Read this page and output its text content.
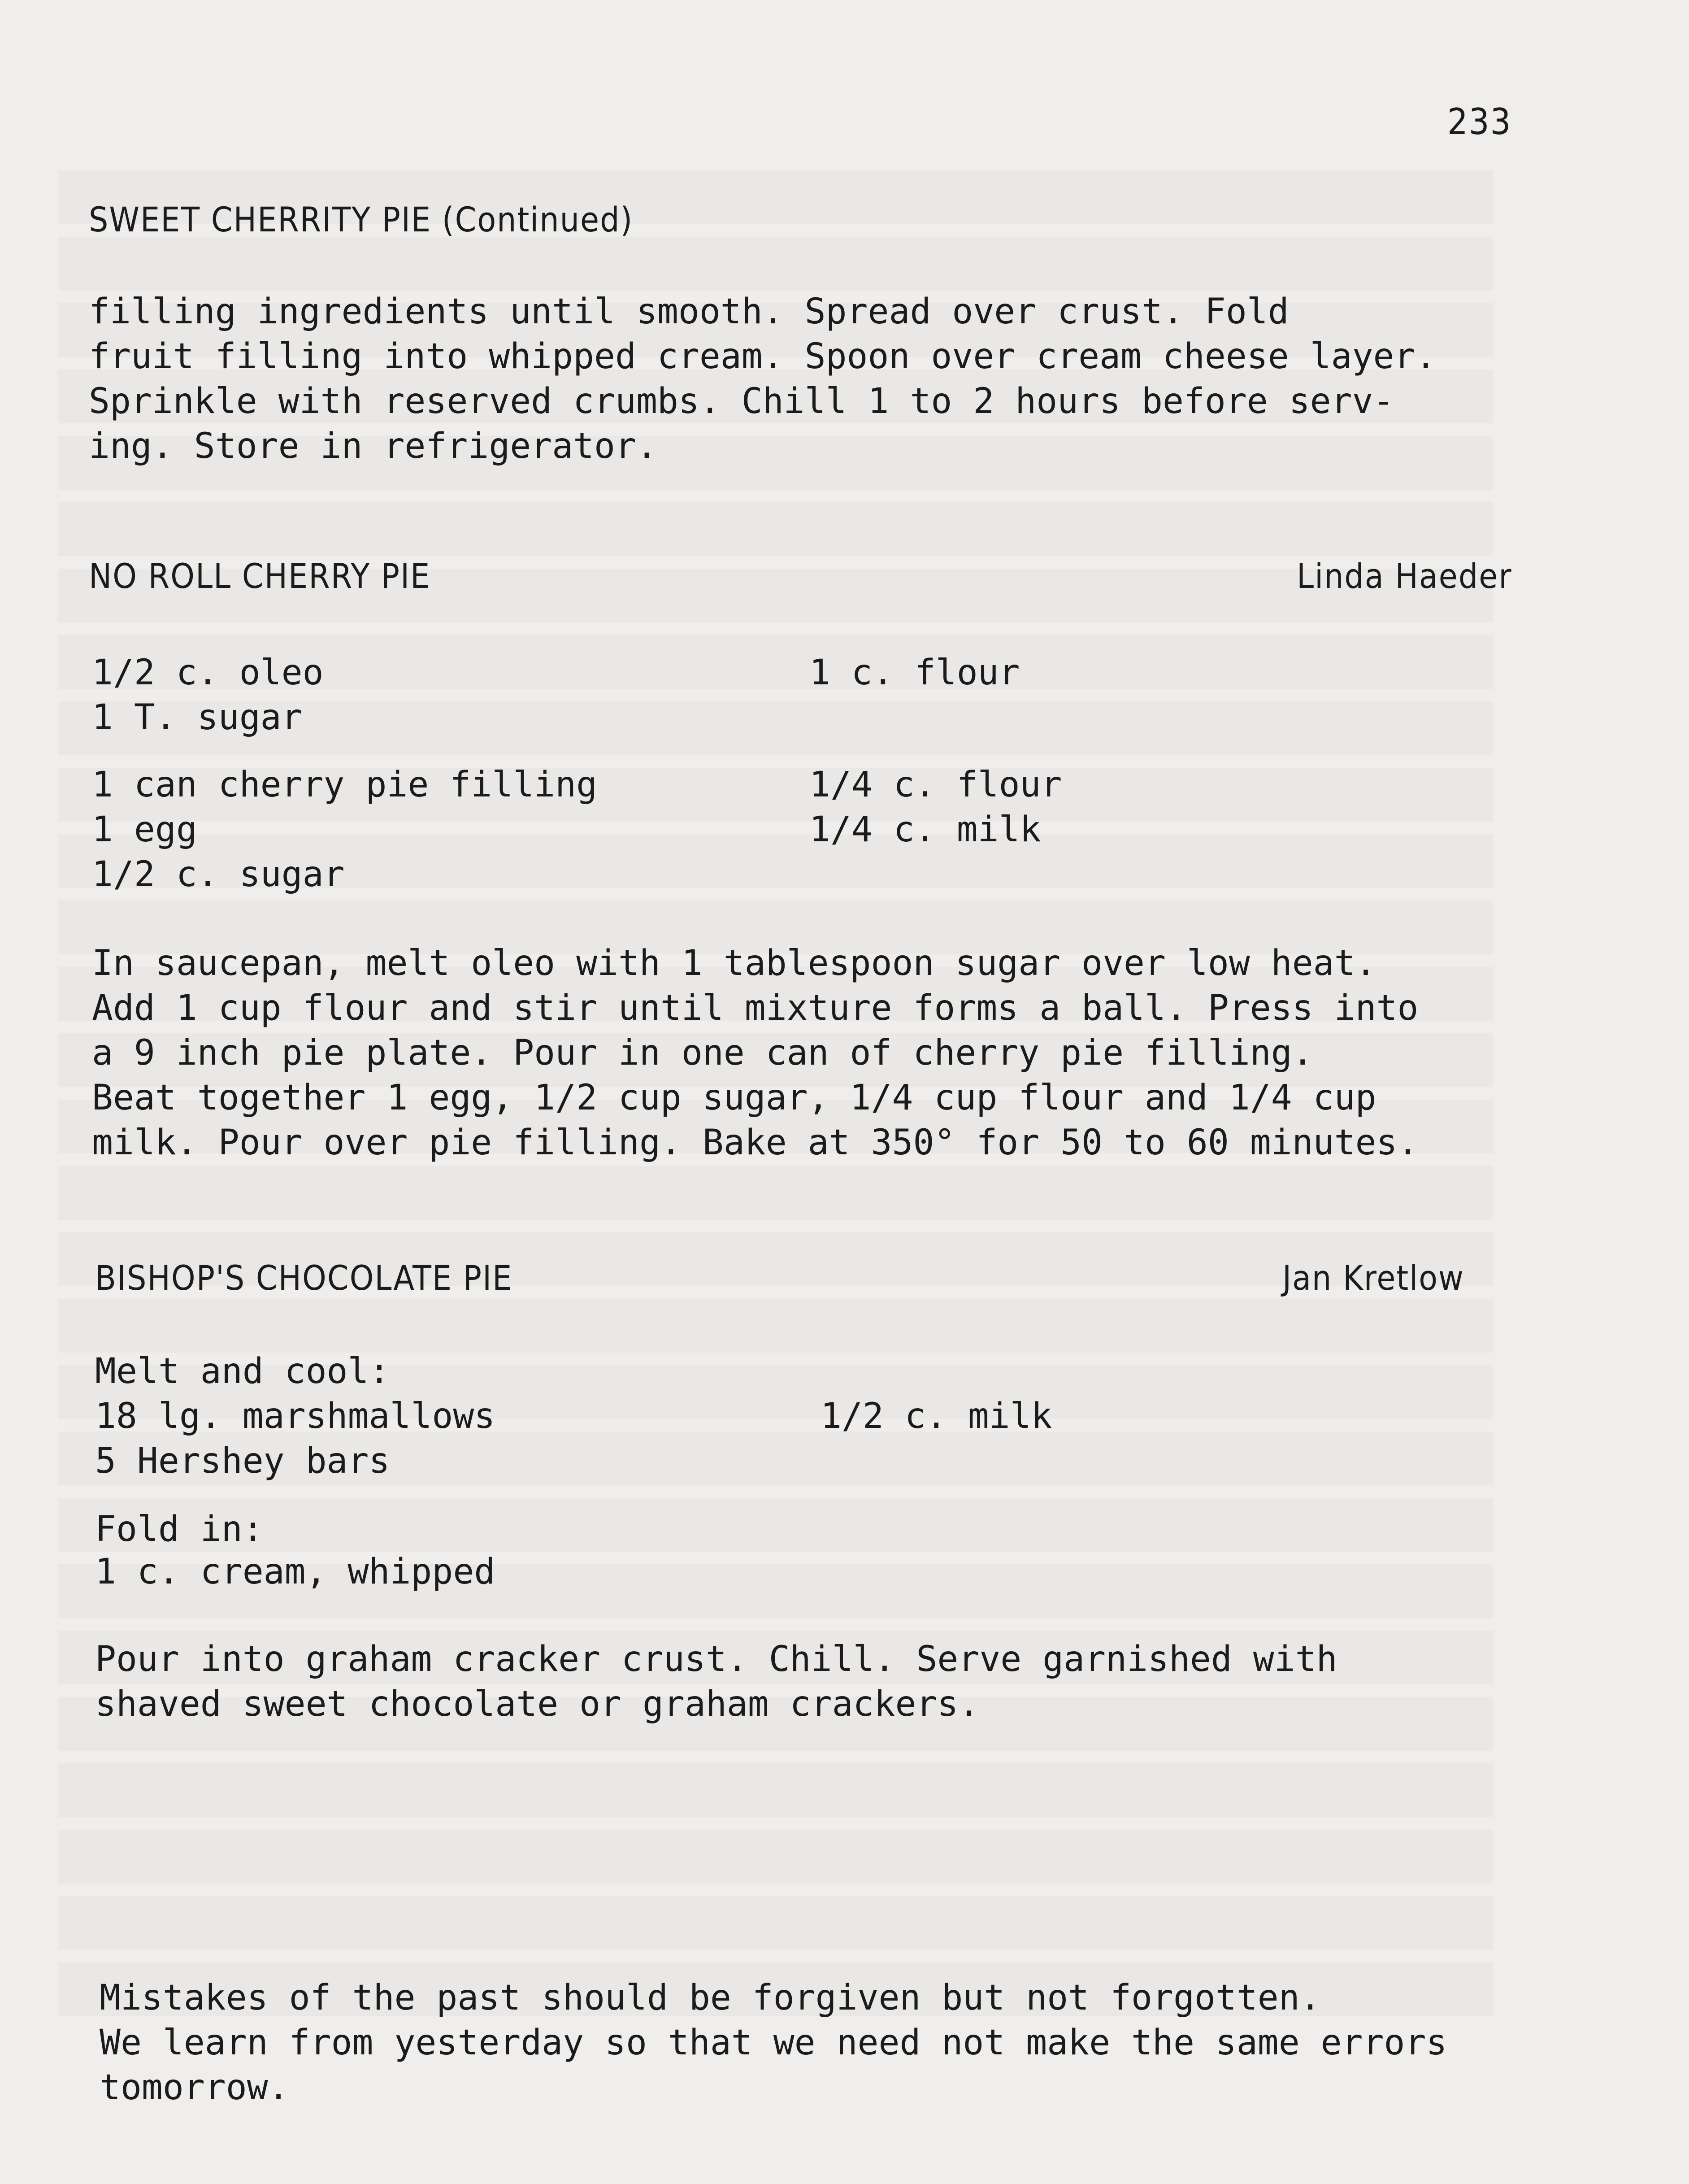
233
SWEET CHERRITY PIE (Continued)
filling ingredients until smooth. Spread over crust. Fold
fruit filling into whipped cream. Spoon over cream cheese layer.
Sprinkle with reserved crumbs. Chill 1 to 2 hours before serv-
ing. Store in refrigerator.
NO ROLL CHERRY PIE	Linda Haeder
1/2 c. oleo
1 T. sugar
1 c. flour
1 can cherry pie filling
1 egg
1/2 c. sugar
1/4 c. flour
1/4 c. milk
In saucepan, melt oleo with 1 tablespoon sugar over low heat.
Add 1 cup flour and stir until mixture forms a ball. Press into
a 9 inch pie plate. Pour in one can of cherry pie filling.
Beat together 1 egg, 1/2 cup sugar, 1/4 cup flour and 1/4 cup
milk. Pour over pie filling. Bake at 350° for 50 to 60 minutes.
BISHOP'S CHOCOLATE PIE	Jan Kretlow
Melt and cool:
18 lg. marshmallows
5 Hershey bars
1/2 c. milk
Fold in:
1 c. cream, whipped
Pour into graham cracker crust. Chill. Serve garnished with
shaved sweet chocolate or graham crackers.
Mistakes of the past should be forgiven but not forgotten.
We learn from yesterday so that we need not make the same errors
tomorrow.
